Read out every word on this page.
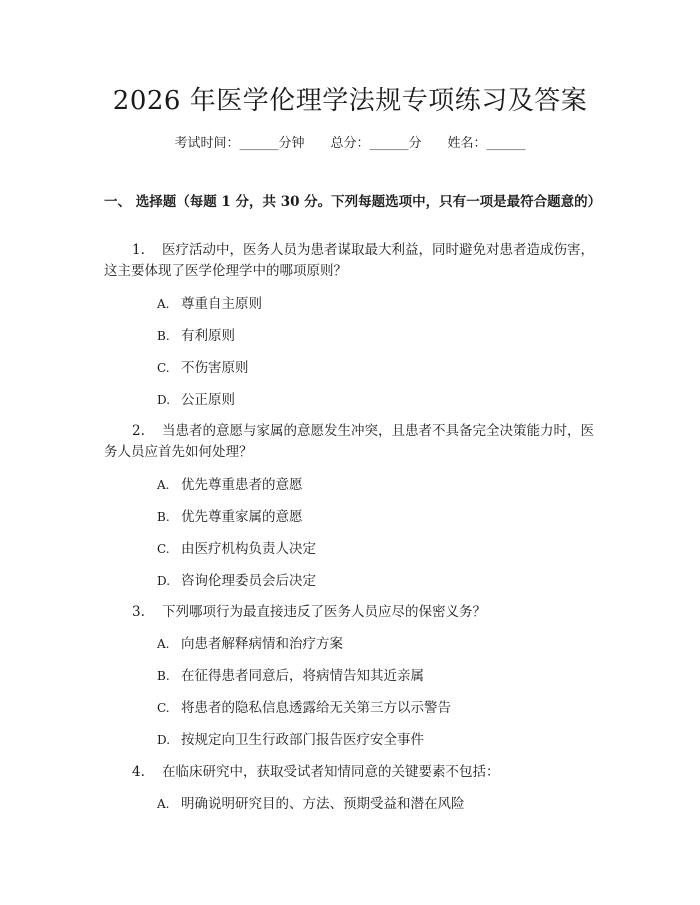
2026 年医学伦理学法规专项练习及答案
考试时间：______分钟 总分：______分 姓名：______
一、 选择题（每题 1 分，共 30 分。下列每题选项中，只有一项是最符合题意的）
1. 医疗活动中，医务人员为患者谋取最大利益，同时避免对患者造成伤害，这主要体现了医学伦理学中的哪项原则？
A. 尊重自主原则
B. 有利原则
C. 不伤害原则
D. 公正原则
2. 当患者的意愿与家属的意愿发生冲突，且患者不具备完全决策能力时，医务人员应首先如何处理？
A. 优先尊重患者的意愿
B. 优先尊重家属的意愿
C. 由医疗机构负责人决定
D. 咨询伦理委员会后决定
3. 下列哪项行为最直接违反了医务人员应尽的保密义务？
A. 向患者解释病情和治疗方案
B. 在征得患者同意后，将病情告知其近亲属
C. 将患者的隐私信息透露给无关第三方以示警告
D. 按规定向卫生行政部门报告医疗安全事件
4. 在临床研究中，获取受试者知情同意的关键要素不包括：
A. 明确说明研究目的、方法、预期受益和潜在风险
